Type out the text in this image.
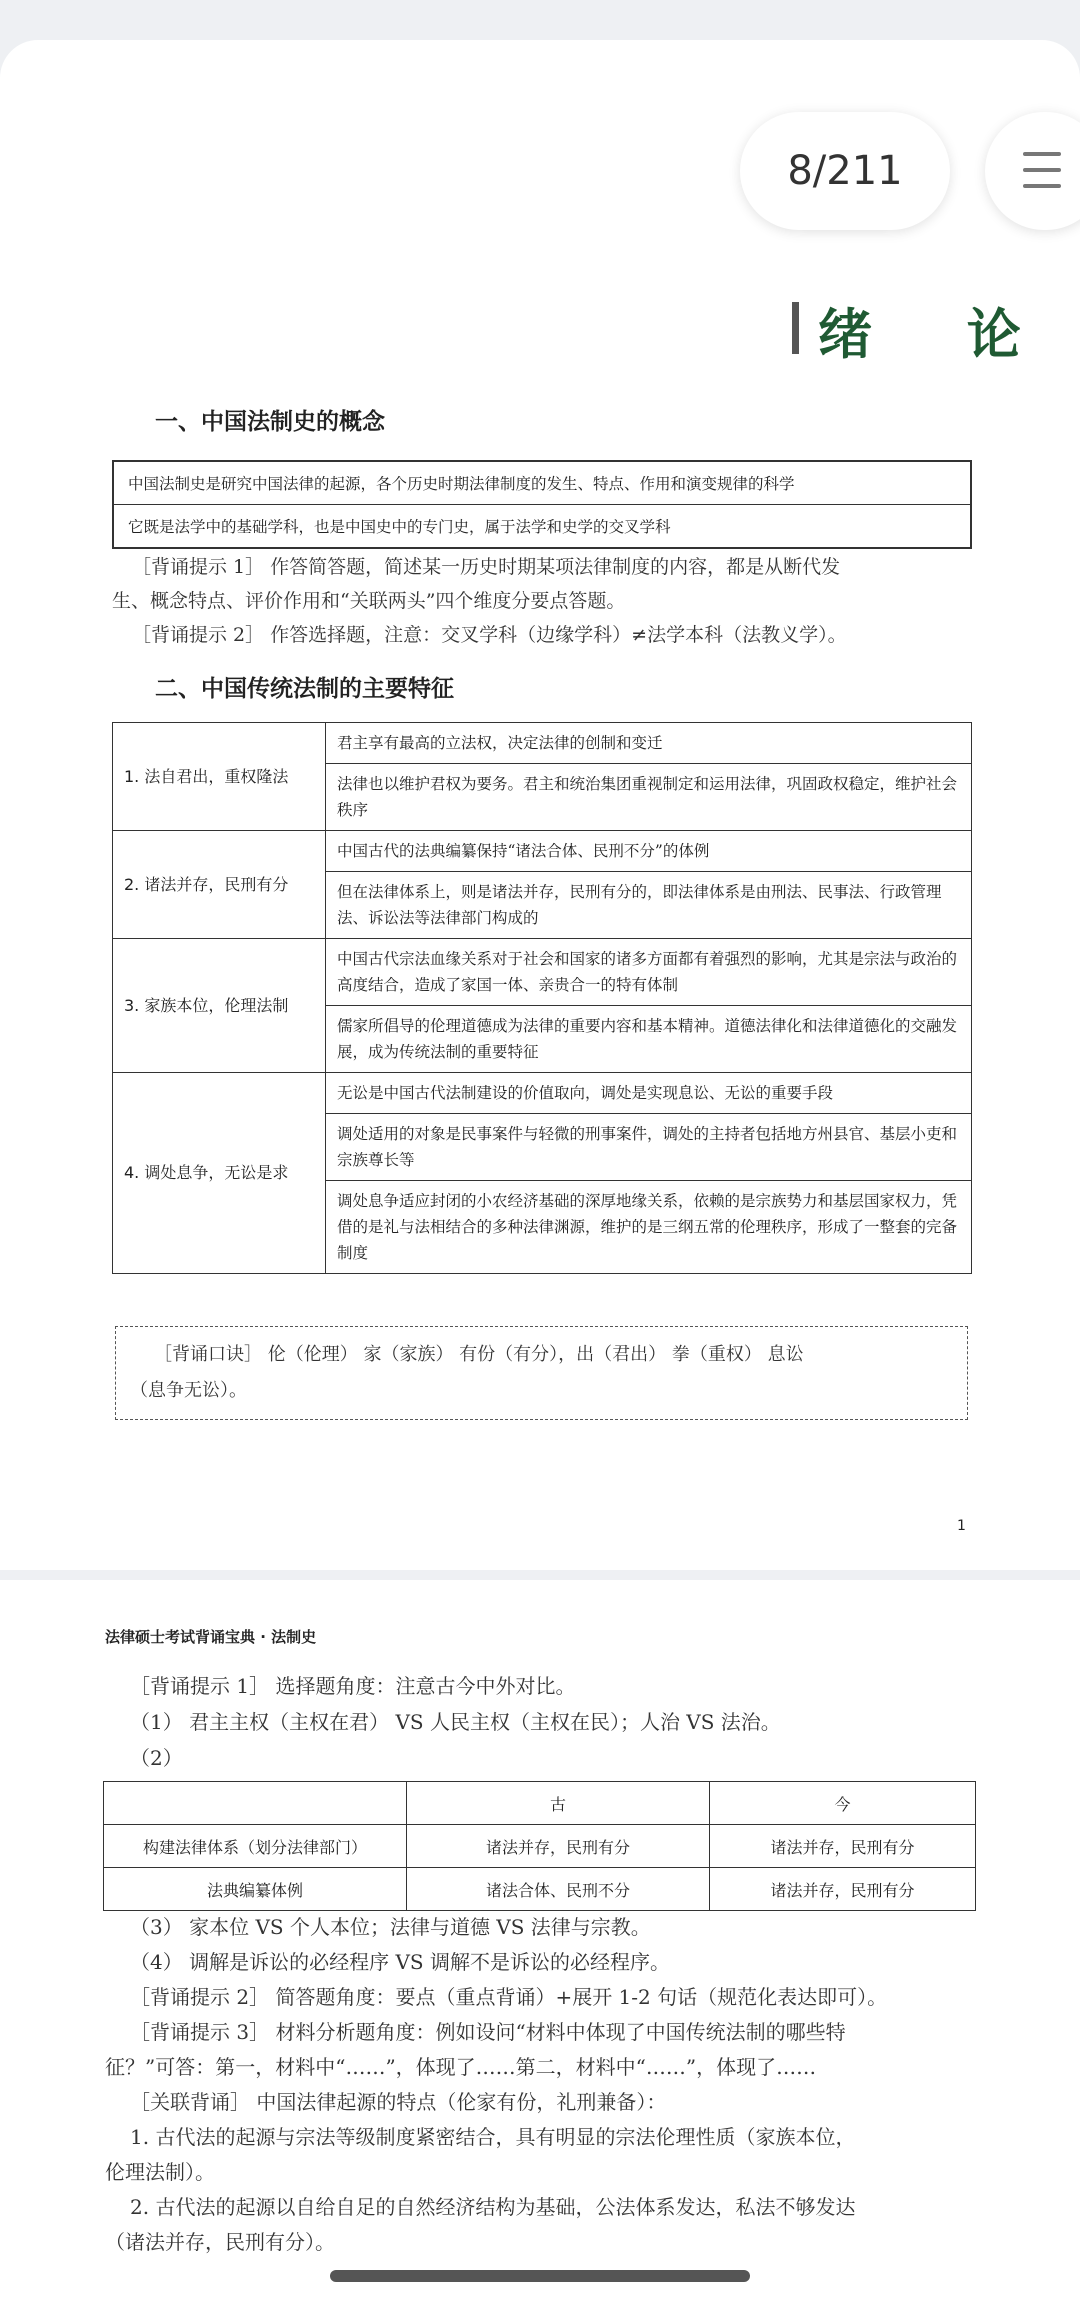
8/211
绪 论
一、中国法制史的概念
中国法制史是研究中国法律的起源，各个历史时期法律制度的发生、特点、作用和演变规律的科学
它既是法学中的基础学科，也是中国史中的专门史，属于法学和史学的交叉学科
［背诵提示 1］ 作答简答题，简述某一历史时期某项法律制度的内容，都是从断代发
生、概念特点、评价作用和“关联两头”四个维度分要点答题。
［背诵提示 2］ 作答选择题，注意：交叉学科（边缘学科）≠法学本科（法教义学）。
二、中国传统法制的主要特征
1. 法自君出，重权隆法	君主享有最高的立法权，决定法律的创制和变迁
	法律也以维护君权为要务。君主和统治集团重视制定和运用法律，巩固政权稳定，维护社会秩序
2. 诸法并存，民刑有分	中国古代的法典编纂保持“诸法合体、民刑不分”的体例
	但在法律体系上，则是诸法并存，民刑有分的，即法律体系是由刑法、民事法、行政管理法、诉讼法等法律部门构成的
3. 家族本位，伦理法制	中国古代宗法血缘关系对于社会和国家的诸多方面都有着强烈的影响，尤其是宗法与政治的高度结合，造成了家国一体、亲贵合一的特有体制
	儒家所倡导的伦理道德成为法律的重要内容和基本精神。道德法律化和法律道德化的交融发展，成为传统法制的重要特征
4. 调处息争，无讼是求	无讼是中国古代法制建设的价值取向，调处是实现息讼、无讼的重要手段
	调处适用的对象是民事案件与轻微的刑事案件，调处的主持者包括地方州县官、基层小吏和宗族尊长等
	调处息争适应封闭的小农经济基础的深厚地缘关系，依赖的是宗族势力和基层国家权力，凭借的是礼与法相结合的多种法律渊源，维护的是三纲五常的伦理秩序，形成了一整套的完备制度
［背诵口诀］ 伦（伦理） 家（家族） 有份（有分），出（君出） 拳（重权） 息讼
（息争无讼）。
1
法律硕士考试背诵宝典 · 法制史
［背诵提示 1］ 选择题角度：注意古今中外对比。
（1） 君主主权（主权在君） VS 人民主权（主权在民）；人治 VS 法治。
（2）
	古	今
构建法律体系（划分法律部门）	诸法并存，民刑有分	诸法并存，民刑有分
法典编纂体例	诸法合体、民刑不分	诸法并存，民刑有分
（3） 家本位 VS 个人本位；法律与道德 VS 法律与宗教。
（4） 调解是诉讼的必经程序 VS 调解不是诉讼的必经程序。
［背诵提示 2］ 简答题角度：要点（重点背诵）+展开 1-2 句话（规范化表达即可）。
［背诵提示 3］ 材料分析题角度：例如设问“材料中体现了中国传统法制的哪些特
征？”可答：第一，材料中“……”，体现了……第二，材料中“……”，体现了……
［关联背诵］ 中国法律起源的特点（伦家有份，礼刑兼备）：
1. 古代法的起源与宗法等级制度紧密结合，具有明显的宗法伦理性质（家族本位，
伦理法制）。
2. 古代法的起源以自给自足的自然经济结构为基础，公法体系发达，私法不够发达
（诸法并存，民刑有分）。
